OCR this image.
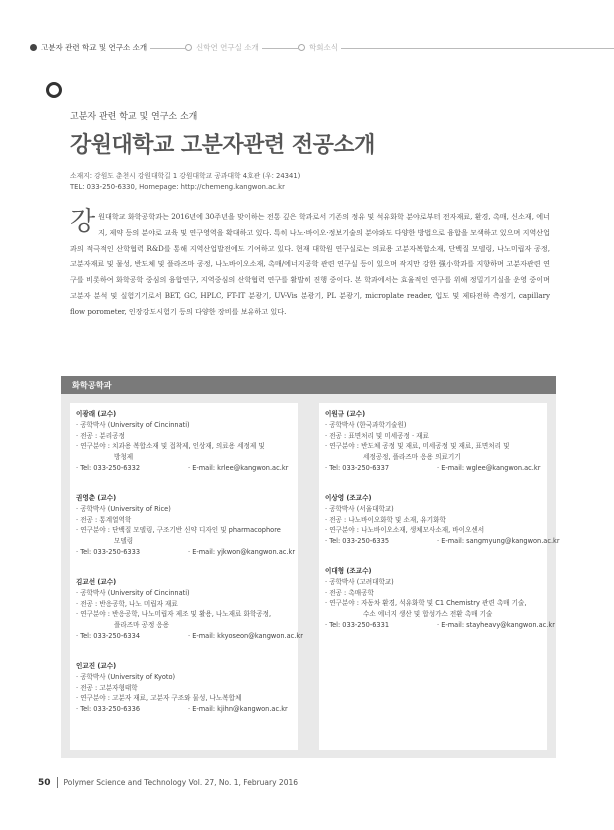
고분자 관련 학교 및 연구소 소개	신학연 연구실 소개	학회소식
고분자 관련 학교 및 연구소 소개
강원대학교 고분자관련 전공소개
소재지: 강원도 춘천시 강원대학길 1 강원대학교 공과대학 4호관 (우: 24341)
TEL: 033-250-6330, Homepage: http://chemeng.kangwon.ac.kr
강 원대학교 화학공학과는 2016년에 30주년을 맞이하는 전통 깊은 학과로서 기존의 정유 및 석유화학 분야로부터 전자재료, 환경, 촉매, 신소재, 에너지, 제약 등의 분야로 교육 및 연구영역을 확대하고 있다. 특히 나노·바이오·정보기술의 분야와도 다양한 방법으로 융합을 모색하고 있으며 지역산업과의 적극적인 산학협력 R&D를 통해 지역산업발전에도 기여하고 있다. 현재 대학원 연구실로는 의료용 고분자복합소재, 단백질 모델링, 나노미립자 공정, 고분자재료 및 물성, 반도체 및 플라즈마 공정, 나노바이오소재, 촉매/에너지공학 관련 연구실 등이 있으며 작지만 강한 强小학과를 지향하며 고분자관련 연구를 비롯하여 화학공학 중심의 융합연구, 지역중심의 산학협력 연구를 활발히 진행 중이다. 본 학과에서는 효율적인 연구를 위해 정밀기기실을 운영 중이며 고분자 분석 및 실험기기로서 BET, GC, HPLC, FT-IT 분광기, UV-Vis 분광기, PL 분광기, microplate reader, 입도 및 제타전하 측정기, capillary flow porometer, 인장강도시험기 등의 다양한 장비를 보유하고 있다.
화학공학과
이광래 (교수)
· 공학박사 (University of Cincinnati)
· 전공 : 분리공정
· 연구분야 : 치과용 복합소재 및 접착제, 인상재, 의료용 세정제 및
방청제
· Tel: 033-250-6332	· E-mail: krlee@kangwon.ac.kr
권영춘 (교수)
· 공학박사 (University of Rice)
· 전공 : 통계열역학
· 연구분야 : 단백질 모델링, 구조기반 신약 디자인 및 pharmacophore
모델링
· Tel: 033-250-6333	· E-mail: yjkwon@kangwon.ac.kr
김교선 (교수)
· 공학박사 (University of Cincinnati)
· 전공 : 반응공학, 나노 미립자 재료
· 연구분야 : 반응공학, 나노미립자 제조 및 활용, 나노재료 화학공정,
플라즈마 공정 응용
· Tel: 033-250-6334	· E-mail: kkyoseon@kangwon.ac.kr
인교진 (교수)
· 공학박사 (University of Kyoto)
· 전공 : 고분자형태학
· 연구분야 : 고분자 재료, 고분자 구조와 물성, 나노복합체
· Tel: 033-250-6336	· E-mail: kjihn@kangwon.ac.kr
이원규 (교수)
· 공학박사 (한국과학기술원)
· 전공 : 표면처리 및 미세공정 · 재료
· 연구분야 : 반도체 공정 및 재료, 미세공정 및 재료, 표면처리 및
세정공정, 플라즈마 응용 의료기기
· Tel: 033-250-6337	· E-mail: wglee@kangwon.ac.kr
이상영 (조교수)
· 공학박사 (서울대학교)
· 전공 : 나노바이오화학 및 소재, 유기화학
· 연구분야 : 나노바이오소재, 생체모사소재, 바이오센서
· Tel: 033-250-6335	· E-mail: sangmyung@kangwon.ac.kr
이대형 (조교수)
· 공학박사 (고려대학교)
· 전공 : 촉매공학
· 연구분야 : 자동차 환경, 석유화학 및 C1 Chemistry 관련 촉매 기술,
수소 에너지 생산 및 합성가스 전환 촉매 기술
· Tel: 033-250-6331	· E-mail: stayheavy@kangwon.ac.kr
50 Polymer Science and Technology Vol. 27, No. 1, February 2016
